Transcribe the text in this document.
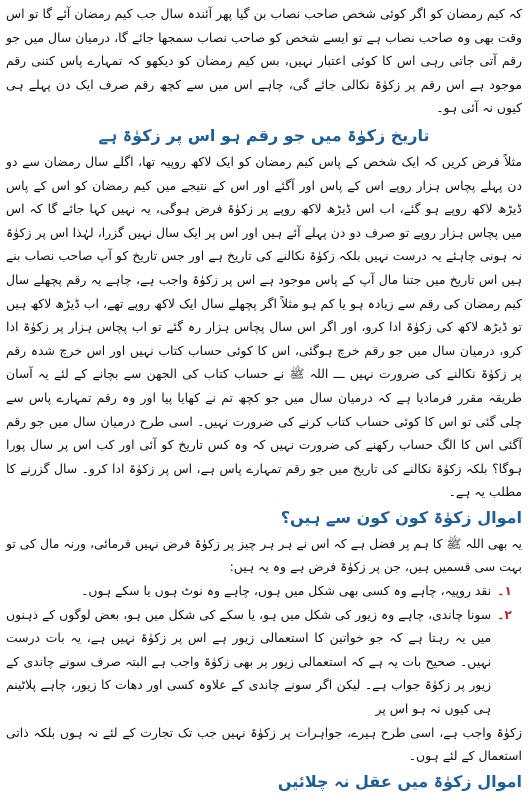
کہ کیم رمضان کو اگر کوئی شخص صاحب نصاب بن گیا پھر آئندہ سال جب کیم رمضان آئے گا تو اس وقت بھی وہ صاحب نصاب ہے تو ایسے شخص کو صاحب نصاب سمجھا جائے گا، درمیان سال میں جو رقم آتی جاتی رہی اس کا کوئی اعتبار نہیں، بس کیم رمضان کو دیکھو کہ تمہارے پاس کتنی رقم موجود ہے اس رقم پر زکوٰۃ نکالی جائے گی، چاہے اس میں سے کچھ رقم صرف ایک دن پہلے ہی کیوں نہ آئی ہو۔

تاریخ زکوٰۃ میں جو رقم ہو اس پر زکوٰۃ ہے

مثلاً فرض کریں کہ ایک شخص کے پاس کیم رمضان کو ایک لاکھ روپیہ تھا، اگلے سال رمضان سے دو دن پہلے پچاس ہزار روپے اس کے پاس اور آگئے اور اس کے نتیجے میں کیم رمضان کو اس کے پاس ڈیڑھ لاکھ روپے ہو گئے، اب اس ڈیڑھ لاکھ روپے پر زکوٰۃ فرض ہوگی، یہ نہیں کہا جائے گا کہ اس میں پچاس ہزار روپے تو صرف دو دن پہلے آئے ہیں اور اس پر ایک سال نہیں گزرا، لہٰذا اس پر زکوٰۃ نہ ہونی چاہئے یہ درست نہیں بلکہ زکوٰۃ نکالنے کی تاریخ ہے اور جس تاریخ کو آپ صاحب نصاب بنے ہیں اس تاریخ میں جتنا مال آپ کے پاس موجود ہے اس پر زکوٰۃ واجب ہے، چاہے یہ رقم پچھلے سال کیم رمضان کی رقم سے زیادہ ہو یا کم ہو مثلاً اگر پچھلے سال ایک لاکھ روپے تھے، اب ڈیڑھ لاکھ ہیں تو ڈیڑھ لاکھ کی زکوٰۃ ادا کرو، اور اگر اس سال پچاس ہزار رہ گئے تو اب پچاس ہزار پر زکوٰۃ ادا کرو، درمیان سال میں جو رقم خرچ ہوگئی، اس کا کوئی حساب کتاب نہیں اور اس خرچ شدہ رقم پر زکوٰۃ نکالنے کی ضرورت نہیں ـــ اللہ ﷺ نے حساب کتاب کی الجھن سے بچانے کے لئے یہ آسان طریقہ مقرر فرمادیا ہے کہ درمیان سال میں جو کچھ تم نے کھایا پیا اور وہ رقم تمہارے پاس سے چلی گئی تو اس کا کوئی حساب کتاب کرنے کی ضرورت نہیں۔ اسی طرح درمیان سال میں جو رقم آگئی اس کا الگ حساب رکھنے کی ضرورت نہیں کہ وہ کس تاریخ کو آئی اور کب اس پر سال پورا ہوگا؟ بلکہ زکوٰۃ نکالنے کی تاریخ میں جو رقم تمہارے پاس ہے، اس پر زکوٰۃ ادا کرو۔ سال گزرنے کا مطلب یہ ہے۔

اموال زکوٰۃ کون کون سے ہیں؟

یہ بھی اللہ ﷺ کا ہم پر فضل ہے کہ اس نے ہر ہر چیز پر زکوٰۃ فرض نہیں فرمائی، ورنہ مال کی تو بہت سی قسمیں ہیں، جن پر زکوٰۃ فرض ہے وہ یہ ہیں:

۱۔
نقد روپیہ، چاہے وہ کسی بھی شکل میں ہوں، چاہے وہ نوٹ ہوں یا سکے ہوں۔
۲۔
سونا چاندی، چاہے وہ زیور کی شکل میں ہو، یا سکے کی شکل میں ہو، بعض لوگوں کے ذہنوں میں یہ رہتا ہے کہ جو خواتین کا استعمالی زیور ہے اس پر زکوٰۃ نہیں ہے، یہ بات درست نہیں۔ صحیح بات یہ ہے کہ استعمالی زیور پر بھی زکوٰۃ واجب ہے البتہ صرف سونے چاندی کے زیور پر زکوٰۃ جواب ہے۔ لیکن اگر سونے چاندی کے علاوہ کسی اور دھات کا زیور، چاہے پلاٹینم ہی کیوں نہ ہو اس پر

زکوٰۃ واجب ہے، اسی طرح ہیرے، جواہرات پر زکوٰۃ نہیں جب تک تجارت کے لئے نہ ہوں بلکہ ذاتی استعمال کے لئے ہوں۔

اموال زکوٰۃ میں عقل نہ چلائیں
